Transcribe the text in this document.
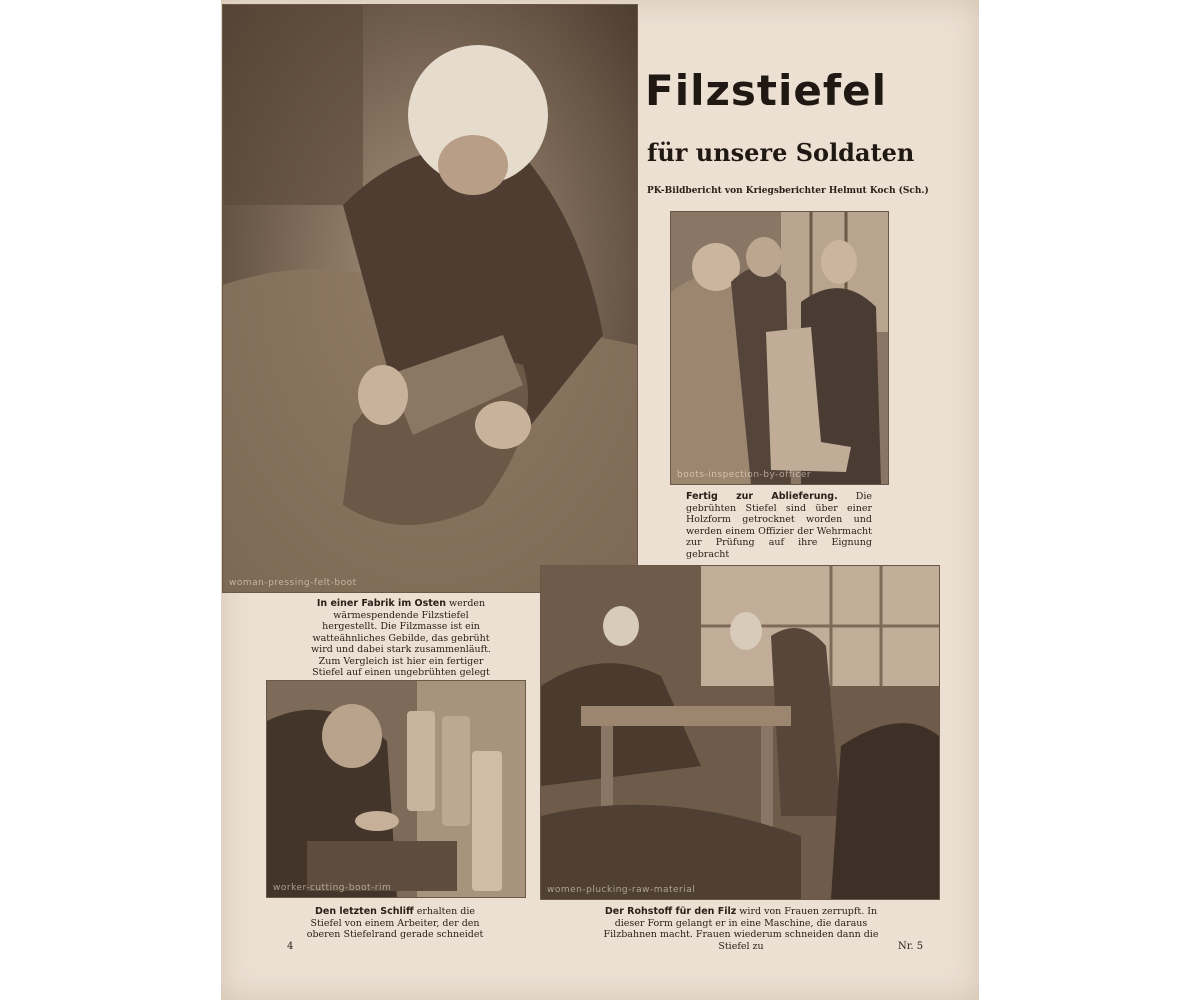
woman-pressing-felt-boot
Filzstiefel
für unsere Soldaten
PK-Bildbericht von Kriegsberichter Helmut Koch (Sch.)
boots-inspection-by-officer
Fertig zur Ablieferung. Die gebrühten Stiefel sind über einer Holzform getrocknet worden und werden einem Offizier der Wehrmacht zur Prüfung auf ihre Eignung gebracht
In einer Fabrik im Osten werden wärmespendende Filzstiefel hergestellt. Die Filzmasse ist ein watteähnliches Gebilde, das gebrüht wird und dabei stark zusammenläuft. Zum Vergleich ist hier ein fertiger Stiefel auf einen ungebrühten gelegt
worker-cutting-boot-rim	women-plucking-raw-material
Den letzten Schliff erhalten die Stiefel von einem Arbeiter, der den oberen Stiefelrand gerade schneidet
Der Rohstoff für den Filz wird von Frauen zerrupft. In dieser Form gelangt er in eine Maschine, die daraus Filzbahnen macht. Frauen wiederum schneiden dann die Stiefel zu
4	Nr. 5
